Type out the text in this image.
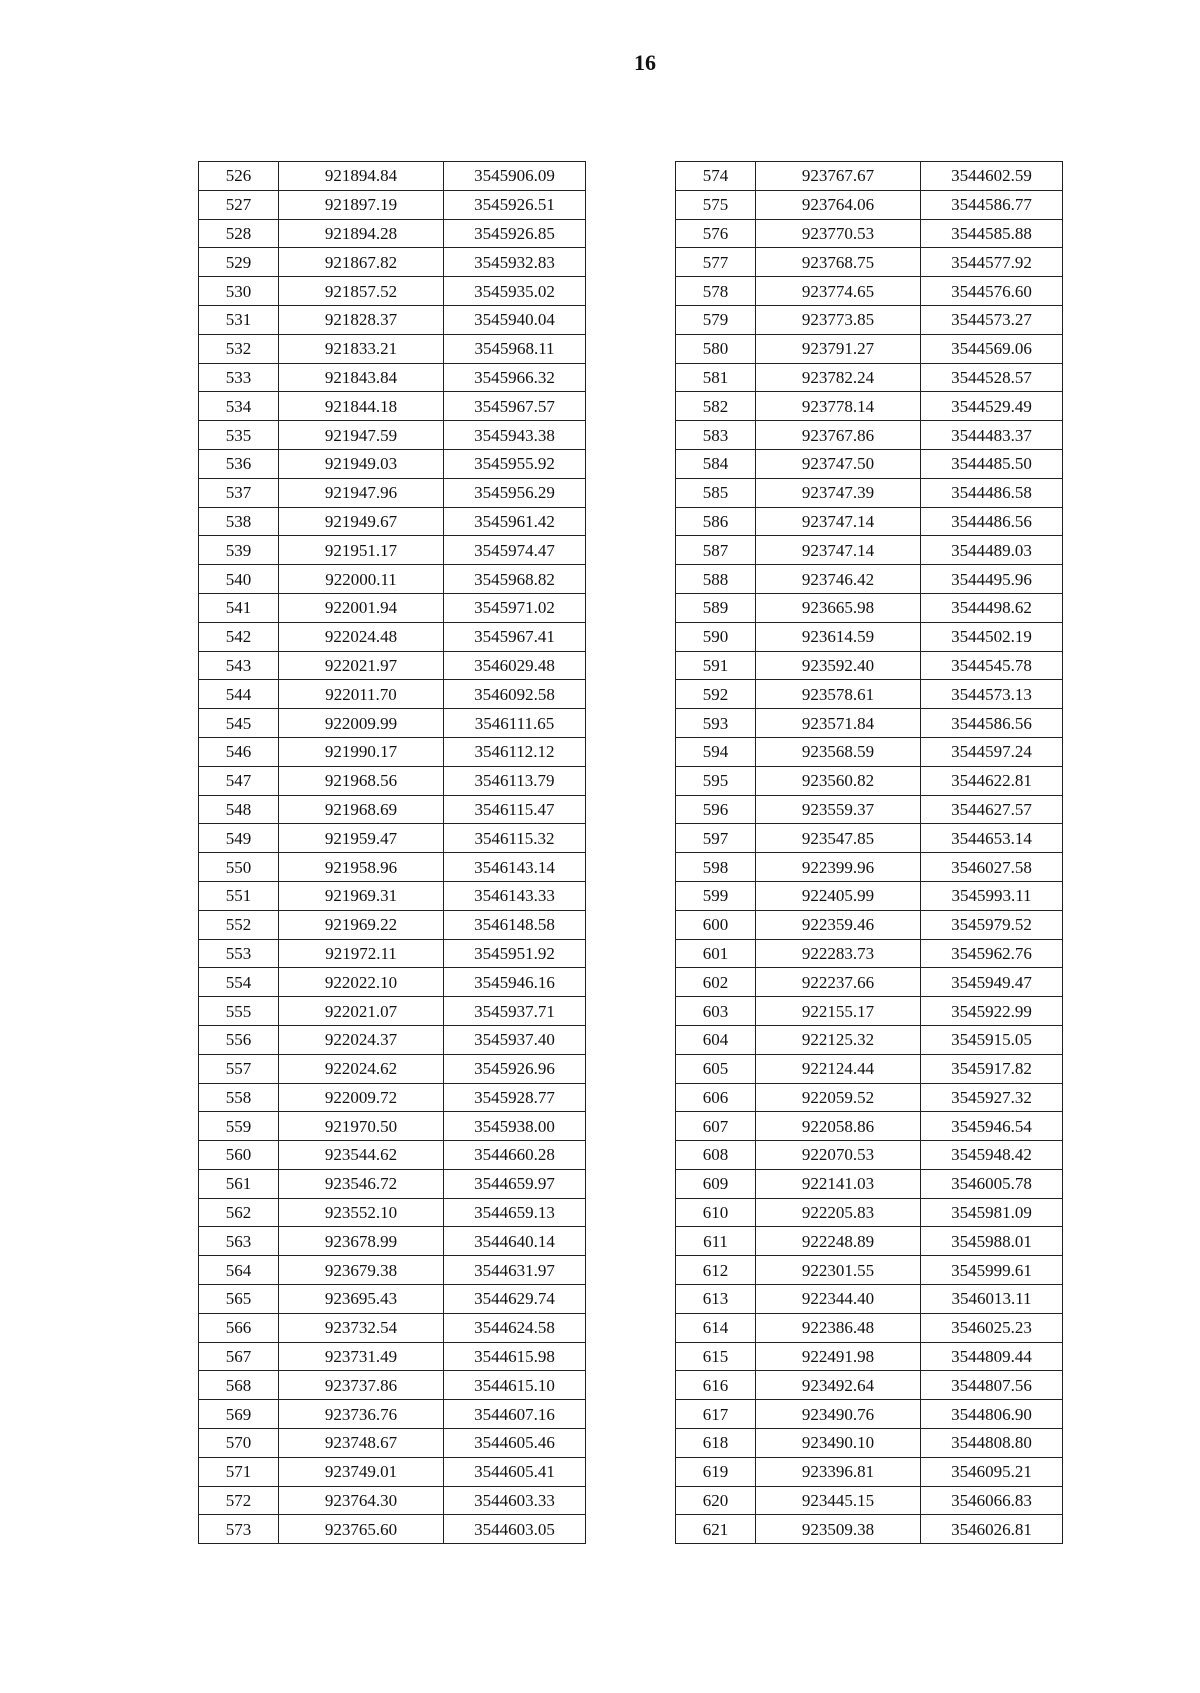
16
526	921894.84	3545906.09
527	921897.19	3545926.51
528	921894.28	3545926.85
529	921867.82	3545932.83
530	921857.52	3545935.02
531	921828.37	3545940.04
532	921833.21	3545968.11
533	921843.84	3545966.32
534	921844.18	3545967.57
535	921947.59	3545943.38
536	921949.03	3545955.92
537	921947.96	3545956.29
538	921949.67	3545961.42
539	921951.17	3545974.47
540	922000.11	3545968.82
541	922001.94	3545971.02
542	922024.48	3545967.41
543	922021.97	3546029.48
544	922011.70	3546092.58
545	922009.99	3546111.65
546	921990.17	3546112.12
547	921968.56	3546113.79
548	921968.69	3546115.47
549	921959.47	3546115.32
550	921958.96	3546143.14
551	921969.31	3546143.33
552	921969.22	3546148.58
553	921972.11	3545951.92
554	922022.10	3545946.16
555	922021.07	3545937.71
556	922024.37	3545937.40
557	922024.62	3545926.96
558	922009.72	3545928.77
559	921970.50	3545938.00
560	923544.62	3544660.28
561	923546.72	3544659.97
562	923552.10	3544659.13
563	923678.99	3544640.14
564	923679.38	3544631.97
565	923695.43	3544629.74
566	923732.54	3544624.58
567	923731.49	3544615.98
568	923737.86	3544615.10
569	923736.76	3544607.16
570	923748.67	3544605.46
571	923749.01	3544605.41
572	923764.30	3544603.33
573	923765.60	3544603.05
574	923767.67	3544602.59
575	923764.06	3544586.77
576	923770.53	3544585.88
577	923768.75	3544577.92
578	923774.65	3544576.60
579	923773.85	3544573.27
580	923791.27	3544569.06
581	923782.24	3544528.57
582	923778.14	3544529.49
583	923767.86	3544483.37
584	923747.50	3544485.50
585	923747.39	3544486.58
586	923747.14	3544486.56
587	923747.14	3544489.03
588	923746.42	3544495.96
589	923665.98	3544498.62
590	923614.59	3544502.19
591	923592.40	3544545.78
592	923578.61	3544573.13
593	923571.84	3544586.56
594	923568.59	3544597.24
595	923560.82	3544622.81
596	923559.37	3544627.57
597	923547.85	3544653.14
598	922399.96	3546027.58
599	922405.99	3545993.11
600	922359.46	3545979.52
601	922283.73	3545962.76
602	922237.66	3545949.47
603	922155.17	3545922.99
604	922125.32	3545915.05
605	922124.44	3545917.82
606	922059.52	3545927.32
607	922058.86	3545946.54
608	922070.53	3545948.42
609	922141.03	3546005.78
610	922205.83	3545981.09
611	922248.89	3545988.01
612	922301.55	3545999.61
613	922344.40	3546013.11
614	922386.48	3546025.23
615	922491.98	3544809.44
616	923492.64	3544807.56
617	923490.76	3544806.90
618	923490.10	3544808.80
619	923396.81	3546095.21
620	923445.15	3546066.83
621	923509.38	3546026.81
